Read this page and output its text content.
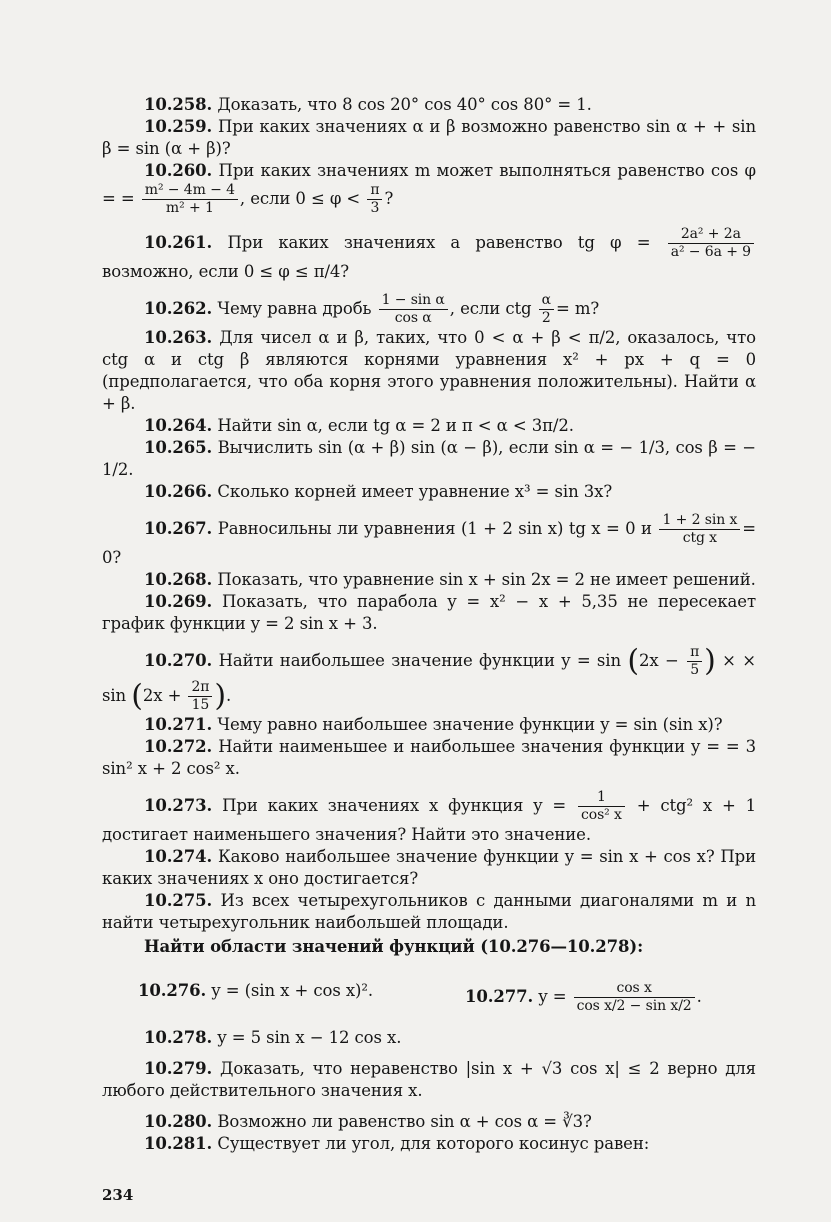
10.258. Доказать, что 8 cos 20° cos 40° cos 80° = 1.

10.259. При каких значениях α и β возможно равенство sin α + + sin β = sin (α + β)?

10.260. При каких значениях m может выполняться равенство cos φ = = $\frac{\text{m² − 4m − 4}}{\text{m² + 1}}$ , если $0 \le \varphi < \frac{\pi}{3}$ ?

10.261. При каких значениях a равенство tg $\varphi = \frac{\text{2a² + 2a}}{\text{a² − 6a + 9}}$
возможно, если 0 ≤ φ ≤ π/4?

10.262. Чему равна дробь $\frac{\text{1 − sin α}}{\text{cos α}}$ , если ctg $\frac{\alpha}{2} = m$?

10.263. Для чисел α и β, таких, что 0 < α + β < π/2, оказалось, что ctg α и ctg β являются корнями уравнения x² + px + q = 0 (предполагается, что оба корня этого уравнения положительны). Найти α + β.

10.264. Найти sin α, если tg α = 2 и π < α < 3π/2.

10.265. Вычислить sin (α + β) sin (α − β), если sin α = − 1/3, cos β = − 1/2.

10.266. Сколько корней имеет уравнение x³ = sin 3x?

10.267. Равносильны ли уравнения (1 + 2 sin x) tg x = 0 и $\frac{\text{1 + 2 sin x}}{\text{ctg x}} = 0$?

10.268. Показать, что уравнение sin x + sin 2x = 2 не имеет решений.

10.269. Показать, что парабола y = x² − x + 5,35 не пересекает график функции y = 2 sin x + 3.

10.270. Найти наибольшее значение функции $y = \sin (2x - \frac{\pi}{5}$ ) × × $\sin (2x + \frac{2\pi}{15}$ ).

10.271. Чему равно наибольшее значение функции y = sin (sin x)?

10.272. Найти наименьшее и наибольшее значения функции y = = 3 sin² x + 2 cos² x.

10.273. При каких значениях x функция $y = \frac{1}{\text{cos² x}} + ctg^2$ x + 1 достигает наименьшего значения? Найти это значение.

10.274. Каково наибольшее значение функции y = sin x + cos x? При каких значениях x оно достигается?

10.275. Из всех четырехугольников с данными диагоналями m и n найти четырехугольник наибольшей площади.

Найти области значений функций (10.276—10.278):

10.276. y = (sin x + cos x)².	10.277. $y = \frac{\text{cos x}}{\text{cos x/2 − sin x/2}}$ .

10.278. y = 5 sin x − 12 cos x.

10.279. Доказать, что неравенство |sin x + √3 cos x| ≤ 2 верно для любого действительного значения x.

10.280. Возможно ли равенство sin α + cos α = ∛3?

10.281. Существует ли угол, для которого косинус равен:

234
